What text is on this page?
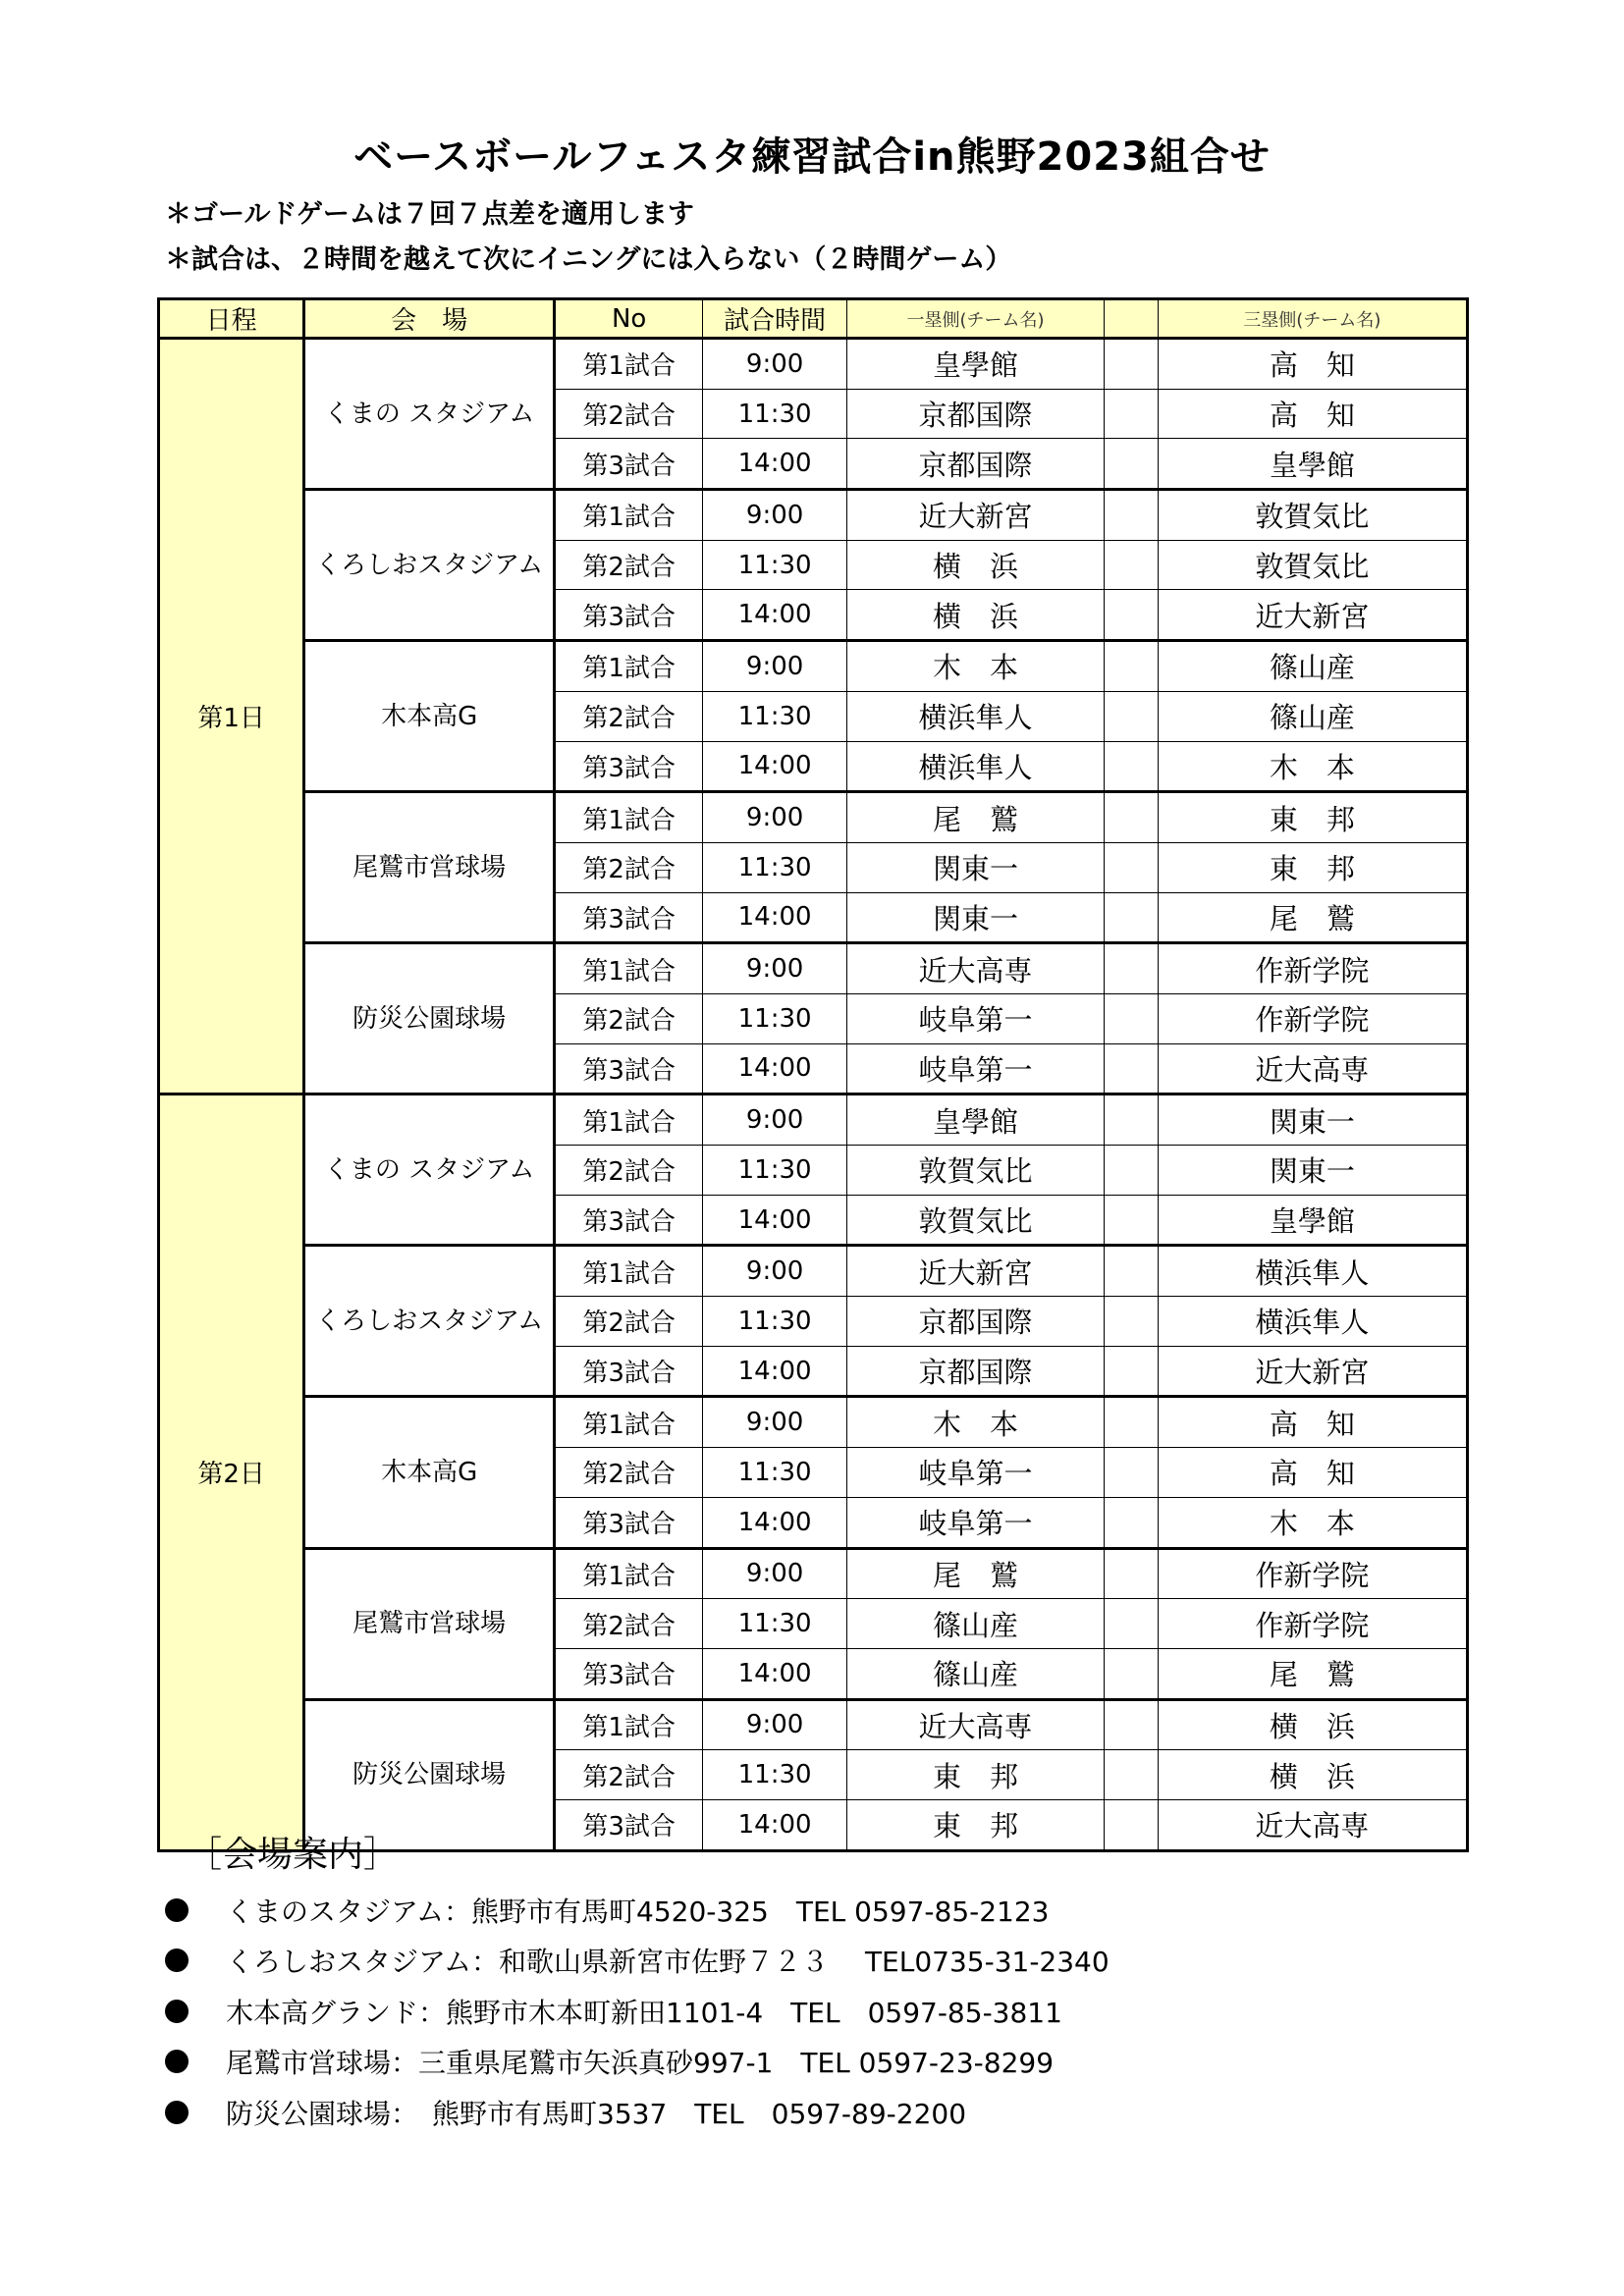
ベースボールフェスタ練習試合in熊野2023組合せ
＊ゴールドゲームは７回７点差を適用します
＊試合は、２時間を越えて次にイニングには入らない（２時間ゲーム）
日程	会　場	No	試合時間	一塁側(チーム名)		三塁側(チーム名)
第1日	くまの スタジアム	第1試合	9:00	皇學館		高　知
		第2試合	11:30	京都国際		高　知
		第3試合	14:00	京都国際		皇學館
	くろしおスタジアム	第1試合	9:00	近大新宮		敦賀気比
		第2試合	11:30	横　浜		敦賀気比
		第3試合	14:00	横　浜		近大新宮
	木本高G	第1試合	9:00	木　本		篠山産
		第2試合	11:30	横浜隼人		篠山産
		第3試合	14:00	横浜隼人		木　本
	尾鷲市営球場	第1試合	9:00	尾　鷲		東　邦
		第2試合	11:30	関東一		東　邦
		第3試合	14:00	関東一		尾　鷲
	防災公園球場	第1試合	9:00	近大高専		作新学院
		第2試合	11:30	岐阜第一		作新学院
		第3試合	14:00	岐阜第一		近大高専
第2日	くまの スタジアム	第1試合	9:00	皇學館		関東一
		第2試合	11:30	敦賀気比		関東一
		第3試合	14:00	敦賀気比		皇學館
	くろしおスタジアム	第1試合	9:00	近大新宮		横浜隼人
		第2試合	11:30	京都国際		横浜隼人
		第3試合	14:00	京都国際		近大新宮
	木本高G	第1試合	9:00	木　本		高　知
		第2試合	11:30	岐阜第一		高　知
		第3試合	14:00	岐阜第一		木　本
	尾鷲市営球場	第1試合	9:00	尾　鷲		作新学院
		第2試合	11:30	篠山産		作新学院
		第3試合	14:00	篠山産		尾　鷲
	防災公園球場	第1試合	9:00	近大高専		横　浜
		第2試合	11:30	東　邦		横　浜
		第3試合	14:00	東　邦		近大高専
［会場案内］
くまのスタジアム：熊野市有馬町4520-325　TEL 0597-85-2123
くろしおスタジアム：和歌山県新宮市佐野７２３　 TEL0735-31-2340
木本高グランド：熊野市木本町新田1101-4　TEL　0597-85-3811
尾鷲市営球場：三重県尾鷲市矢浜真砂997-1　TEL 0597-23-8299
防災公園球場：　熊野市有馬町3537　TEL　0597-89-2200
